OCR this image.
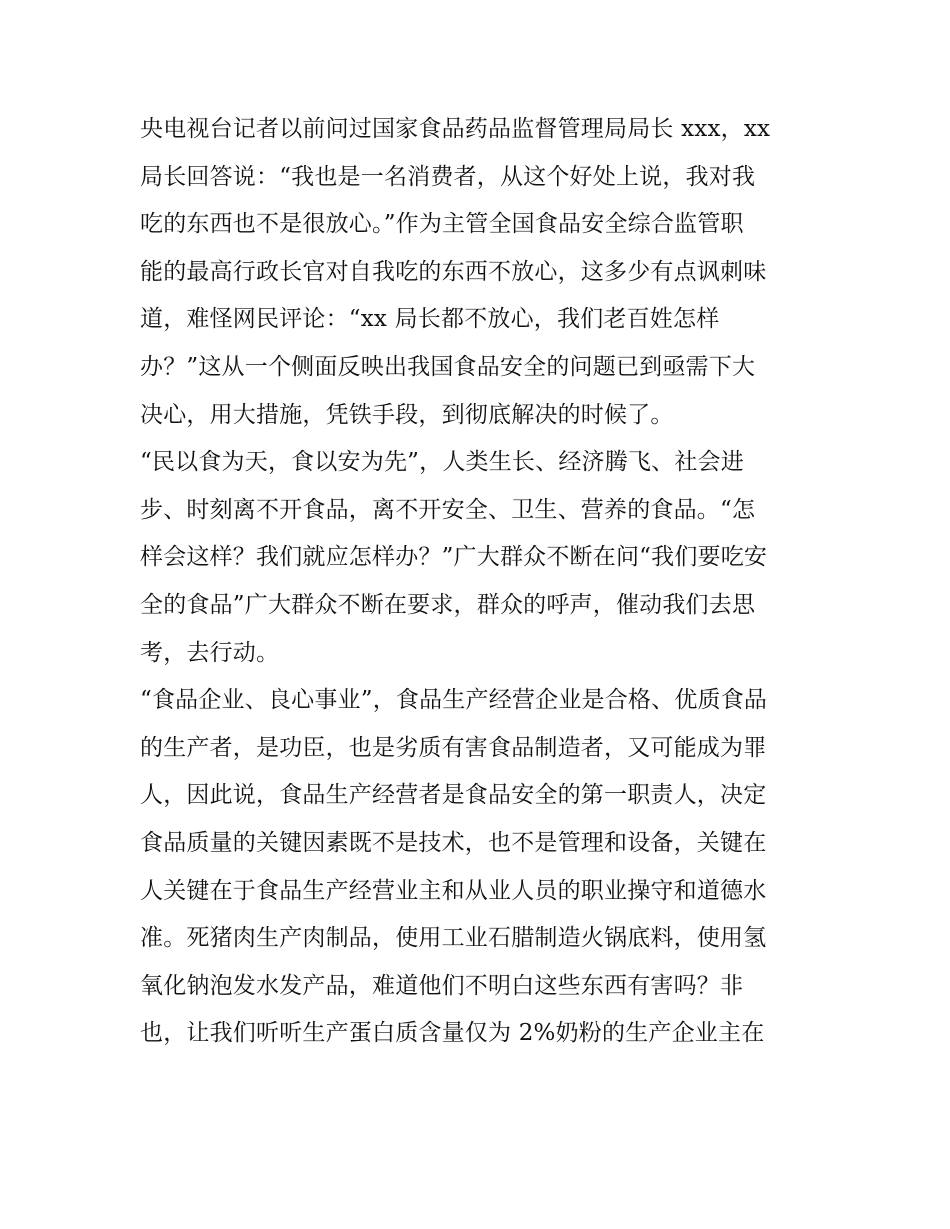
央电视台记者以前问过国家食品药品监督管理局局长 xxx，xx
局长回答说：“我也是一名消费者，从这个好处上说，我对我
吃的东西也不是很放心。”作为主管全国食品安全综合监管职
能的最高行政长官对自我吃的东西不放心，这多少有点讽刺味
道，难怪网民评论：“xx 局长都不放心，我们老百姓怎样
办？”这从一个侧面反映出我国食品安全的问题已到亟需下大
决心，用大措施，凭铁手段，到彻底解决的时候了。
“民以食为天，食以安为先”，人类生长、经济腾飞、社会进
步、时刻离不开食品，离不开安全、卫生、营养的食品。“怎
样会这样？我们就应怎样办？”广大群众不断在问“我们要吃安
全的食品”广大群众不断在要求，群众的呼声，催动我们去思
考，去行动。
“食品企业、良心事业”，食品生产经营企业是合格、优质食品
的生产者，是功臣，也是劣质有害食品制造者，又可能成为罪
人，因此说，食品生产经营者是食品安全的第一职责人，决定
食品质量的关键因素既不是技术，也不是管理和设备，关键在
人关键在于食品生产经营业主和从业人员的职业操守和道德水
准。死猪肉生产肉制品，使用工业石腊制造火锅底料，使用氢
氧化钠泡发水发产品，难道他们不明白这些东西有害吗？非
也，让我们听听生产蛋白质含量仅为 2%奶粉的生产企业主在
